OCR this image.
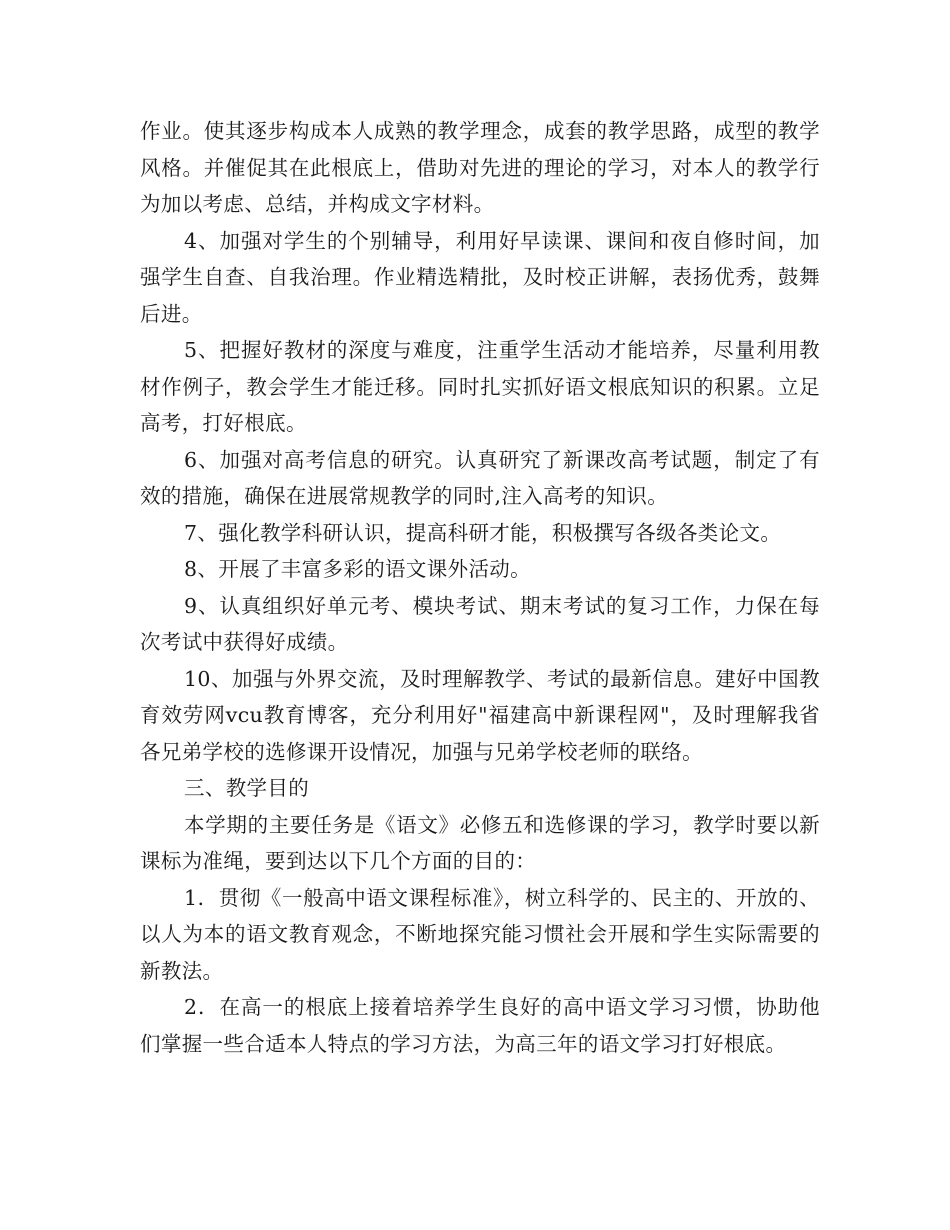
作业。使其逐步构成本人成熟的教学理念，成套的教学思路，成型的教学风格。并催促其在此根底上，借助对先进的理论的学习，对本人的教学行为加以考虑、总结，并构成文字材料。

4、加强对学生的个别辅导，利用好早读课、课间和夜自修时间，加强学生自查、自我治理。作业精选精批，及时校正讲解，表扬优秀，鼓舞后进。

5、把握好教材的深度与难度，注重学生活动才能培养，尽量利用教材作例子，教会学生才能迁移。同时扎实抓好语文根底知识的积累。立足高考，打好根底。

6、加强对高考信息的研究。认真研究了新课改高考试题，制定了有效的措施，确保在进展常规教学的同时,注入高考的知识。

7、强化教学科研认识，提高科研才能，积极撰写各级各类论文。

8、开展了丰富多彩的语文课外活动。

9、认真组织好单元考、模块考试、期末考试的复习工作，力保在每次考试中获得好成绩。

10、加强与外界交流，及时理解教学、考试的最新信息。建好中国教育效劳网vcu教育博客，充分利用好"福建高中新课程网"，及时理解我省各兄弟学校的选修课开设情况，加强与兄弟学校老师的联络。

三、教学目的

本学期的主要任务是《语文》必修五和选修课的学习，教学时要以新课标为准绳，要到达以下几个方面的目的：

1．贯彻《一般高中语文课程标准》，树立科学的、民主的、开放的、以人为本的语文教育观念，不断地探究能习惯社会开展和学生实际需要的新教法。

2．在高一的根底上接着培养学生良好的高中语文学习习惯，协助他们掌握一些合适本人特点的学习方法，为高三年的语文学习打好根底。
